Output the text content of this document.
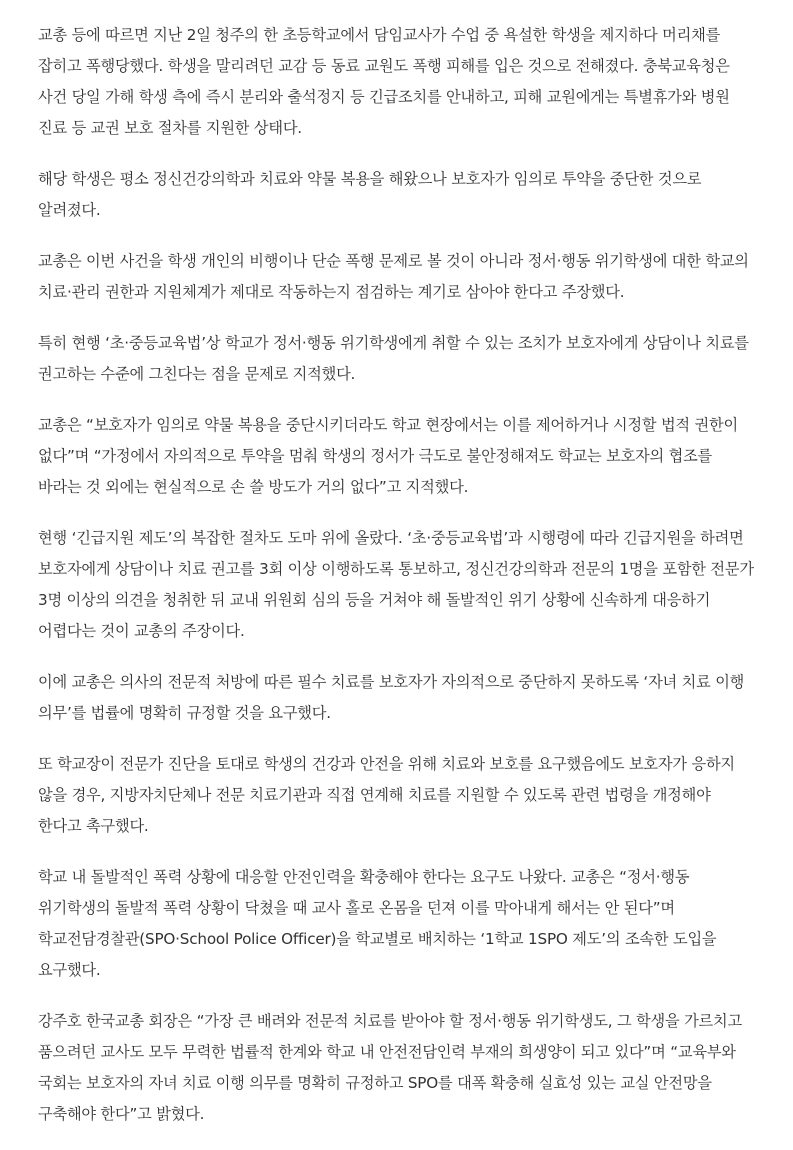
교총 등에 따르면 지난 2일 청주의 한 초등학교에서 담임교사가 수업 중 욕설한 학생을 제지하다 머리채를 잡히고 폭행당했다. 학생을 말리려던 교감 등 동료 교원도 폭행 피해를 입은 것으로 전해졌다. 충북교육청은 사건 당일 가해 학생 측에 즉시 분리와 출석정지 등 긴급조치를 안내하고, 피해 교원에게는 특별휴가와 병원 진료 등 교권 보호 절차를 지원한 상태다.

해당 학생은 평소 정신건강의학과 치료와 약물 복용을 해왔으나 보호자가 임의로 투약을 중단한 것으로 알려졌다.

교총은 이번 사건을 학생 개인의 비행이나 단순 폭행 문제로 볼 것이 아니라 정서·행동 위기학생에 대한 학교의 치료·관리 권한과 지원체계가 제대로 작동하는지 점검하는 계기로 삼아야 한다고 주장했다.

특히 현행 ‘초·중등교육법’상 학교가 정서·행동 위기학생에게 취할 수 있는 조치가 보호자에게 상담이나 치료를 권고하는 수준에 그친다는 점을 문제로 지적했다.

교총은 “보호자가 임의로 약물 복용을 중단시키더라도 학교 현장에서는 이를 제어하거나 시정할 법적 권한이 없다”며 “가정에서 자의적으로 투약을 멈춰 학생의 정서가 극도로 불안정해져도 학교는 보호자의 협조를 바라는 것 외에는 현실적으로 손 쓸 방도가 거의 없다”고 지적했다.

현행 ‘긴급지원 제도’의 복잡한 절차도 도마 위에 올랐다. ‘초·중등교육법’과 시행령에 따라 긴급지원을 하려면 보호자에게 상담이나 치료 권고를 3회 이상 이행하도록 통보하고, 정신건강의학과 전문의 1명을 포함한 전문가 3명 이상의 의견을 청취한 뒤 교내 위원회 심의 등을 거쳐야 해 돌발적인 위기 상황에 신속하게 대응하기 어렵다는 것이 교총의 주장이다.

이에 교총은 의사의 전문적 처방에 따른 필수 치료를 보호자가 자의적으로 중단하지 못하도록 ‘자녀 치료 이행 의무’를 법률에 명확히 규정할 것을 요구했다.

또 학교장이 전문가 진단을 토대로 학생의 건강과 안전을 위해 치료와 보호를 요구했음에도 보호자가 응하지 않을 경우, 지방자치단체나 전문 치료기관과 직접 연계해 치료를 지원할 수 있도록 관련 법령을 개정해야 한다고 촉구했다.

학교 내 돌발적인 폭력 상황에 대응할 안전인력을 확충해야 한다는 요구도 나왔다. 교총은 “정서·행동 위기학생의 돌발적 폭력 상황이 닥쳤을 때 교사 홀로 온몸을 던져 이를 막아내게 해서는 안 된다”며 학교전담경찰관(SPO·School Police Officer)을 학교별로 배치하는 ‘1학교 1SPO 제도’의 조속한 도입을 요구했다.

강주호 한국교총 회장은 “가장 큰 배려와 전문적 치료를 받아야 할 정서·행동 위기학생도, 그 학생을 가르치고 품으려던 교사도 모두 무력한 법률적 한계와 학교 내 안전전담인력 부재의 희생양이 되고 있다”며 “교육부와 국회는 보호자의 자녀 치료 이행 의무를 명확히 규정하고 SPO를 대폭 확충해 실효성 있는 교실 안전망을 구축해야 한다”고 밝혔다.
